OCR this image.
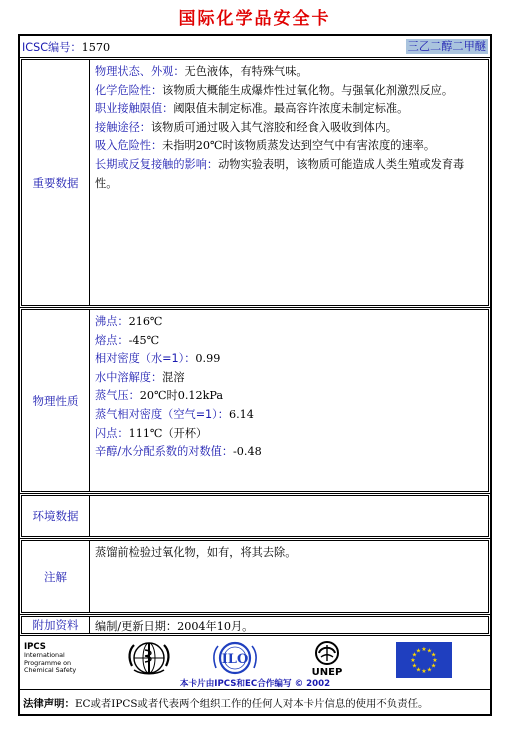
国际化学品安全卡
ICSC编号：1570	三乙二醇二甲醚
重要数据
物理状态、外观：无色液体，有特殊气味。
化学危险性：该物质大概能生成爆炸性过氧化物。与强氧化剂激烈反应。
职业接触限值：阈限值未制定标准。最高容许浓度未制定标准。
接触途径：该物质可通过吸入其气溶胶和经食入吸收到体内。
吸入危险性：未指明20℃时该物质蒸发达到空气中有害浓度的速率。
长期或反复接触的影响：动物实验表明，该物质可能造成人类生殖或发育毒性。
物理性质
沸点：216℃
熔点：-45℃
相对密度（水=1）：0.99
水中溶解度：混溶
蒸气压：20℃时0.12kPa
蒸气相对密度（空气=1）：6.14
闪点：111℃（开杯）
辛醇/水分配系数的对数值：-0.48
环境数据
注解
蒸馏前检验过氧化物，如有，将其去除。
附加资料	编制/更新日期：2004年10月。
IPCS
International
Programme on
Chemical Safety
ILO
UNEP
★
★
★
★
★
★
★
★
★ ★ ★
★
本卡片由IPCS和EC合作编写 © 2002
法律声明：EC或者IPCS或者代表两个组织工作的任何人对本卡片信息的使用不负责任。
